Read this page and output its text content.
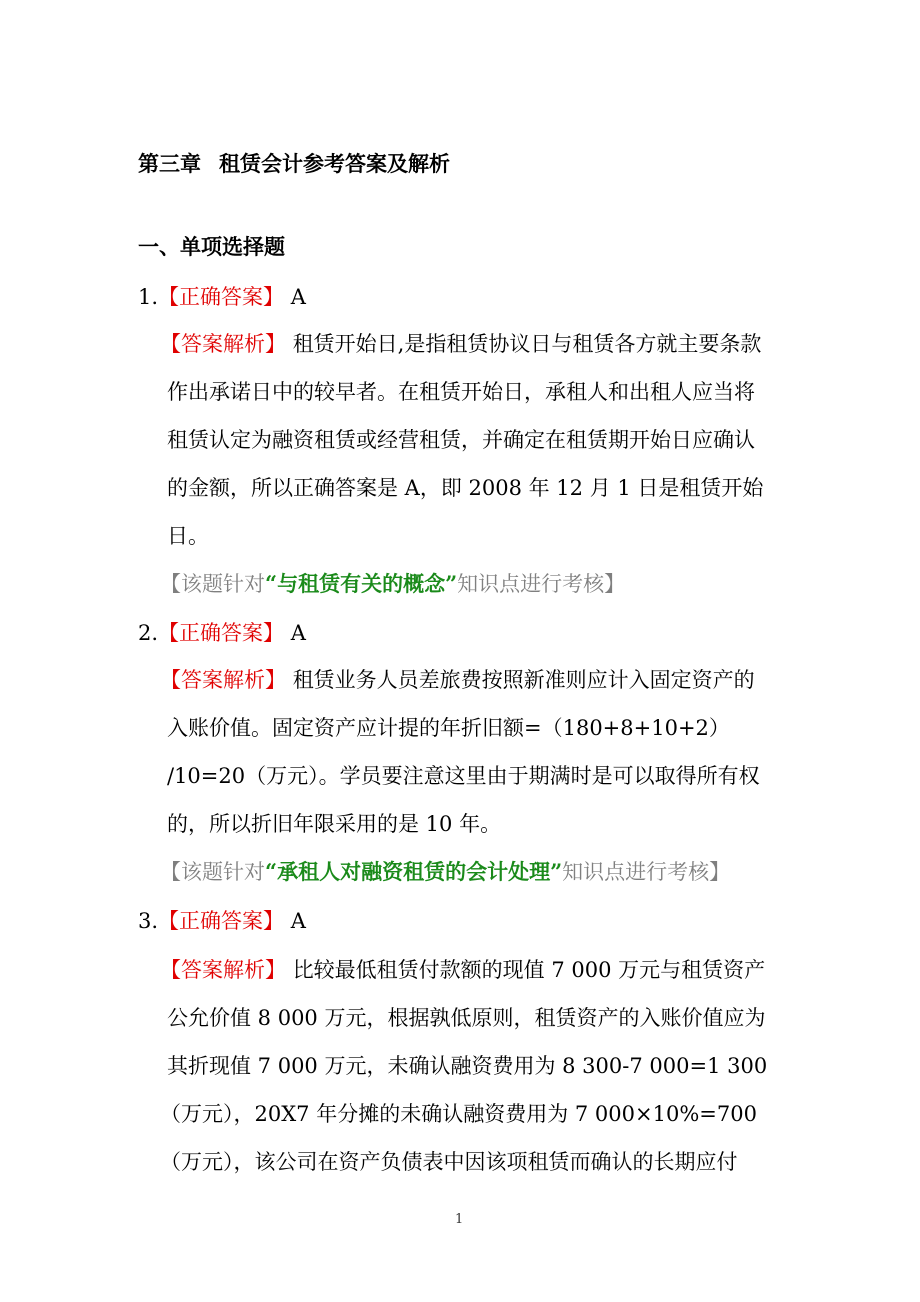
第三章 租赁会计参考答案及解析
一、单项选择题
1.【正确答案】 A
【答案解析】 租赁开始日,是指租赁协议日与租赁各方就主要条款
作出承诺日中的较早者。在租赁开始日，承租人和出租人应当将
租赁认定为融资租赁或经营租赁，并确定在租赁期开始日应确认
的金额，所以正确答案是 A，即 2008 年 12 月 1 日是租赁开始
日。
【该题针对“与租赁有关的概念”知识点进行考核】
2.【正确答案】 A
【答案解析】 租赁业务人员差旅费按照新准则应计入固定资产的
入账价值。固定资产应计提的年折旧额=（180+8+10+2）
/10=20（万元）。学员要注意这里由于期满时是可以取得所有权
的，所以折旧年限采用的是 10 年。
【该题针对“承租人对融资租赁的会计处理”知识点进行考核】
3.【正确答案】 A
【答案解析】 比较最低租赁付款额的现值 7 000 万元与租赁资产
公允价值 8 000 万元，根据孰低原则，租赁资产的入账价值应为
其折现值 7 000 万元，未确认融资费用为 8 300-7 000=1 300
（万元），20X7 年分摊的未确认融资费用为 7 000×10%=700
（万元），该公司在资产负债表中因该项租赁而确认的长期应付
1
